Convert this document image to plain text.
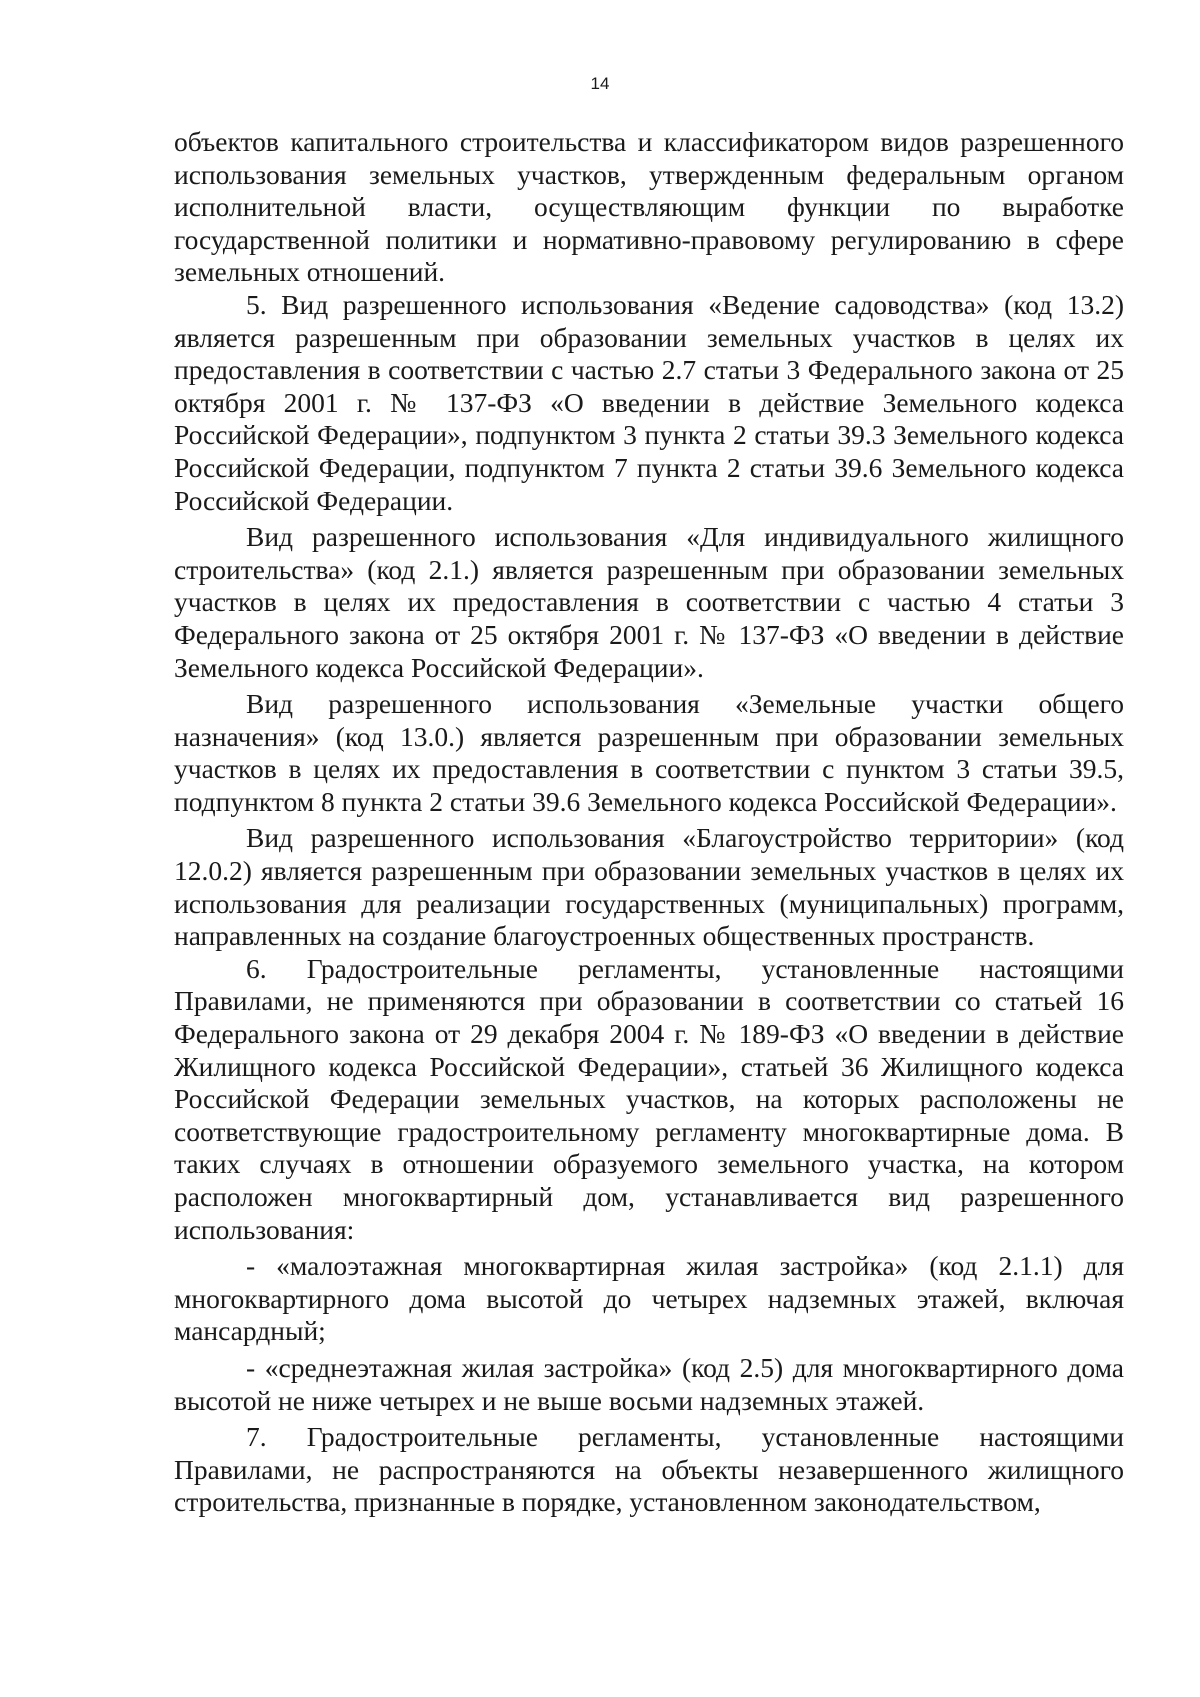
14

объектов капитального строительства и классификатором видов разрешенного использования земельных участков, утвержденным федеральным органом исполнительной власти, осуществляющим функции по выработке государственной политики и нормативно-правовому регулированию в сфере земельных отношений.

5. Вид разрешенного использования «Ведение садоводства» (код 13.2) является разрешенным при образовании земельных участков в целях их предоставления в соответствии с частью 2.7 статьи 3 Федерального закона от 25 октября 2001 г. № 137-ФЗ «О введении в действие Земельного кодекса Российской Федерации», подпунктом 3 пункта 2 статьи 39.3 Земельного кодекса Российской Федерации, подпунктом 7 пункта 2 статьи 39.6 Земельного кодекса Российской Федерации.

Вид разрешенного использования «Для индивидуального жилищного строительства» (код 2.1.) является разрешенным при образовании земельных участков в целях их предоставления в соответствии с частью 4 статьи 3 Федерального закона от 25 октября 2001 г. № 137-ФЗ «О введении в действие Земельного кодекса Российской Федерации».

Вид разрешенного использования «Земельные участки общего назначения» (код 13.0.) является разрешенным при образовании земельных участков в целях их предоставления в соответствии с пунктом 3 статьи 39.5, подпунктом 8 пункта 2 статьи 39.6 Земельного кодекса Российской Федерации».

Вид разрешенного использования «Благоустройство территории» (код 12.0.2) является разрешенным при образовании земельных участков в целях их использования для реализации государственных (муниципальных) программ, направленных на создание благоустроенных общественных пространств.

6. Градостроительные регламенты, установленные настоящими Правилами, не применяются при образовании в соответствии со статьей 16 Федерального закона от 29 декабря 2004 г. № 189-ФЗ «О введении в действие Жилищного кодекса Российской Федерации», статьей 36 Жилищного кодекса Российской Федерации земельных участков, на которых расположены не соответствующие градостроительному регламенту многоквартирные дома. В таких случаях в отношении образуемого земельного участка, на котором расположен многоквартирный дом, устанавливается вид разрешенного использования:

- «малоэтажная многоквартирная жилая застройка» (код 2.1.1) для многоквартирного дома высотой до четырех надземных этажей, включая мансардный;

- «среднеэтажная жилая застройка» (код 2.5) для многоквартирного дома высотой не ниже четырех и не выше восьми надземных этажей.

7. Градостроительные регламенты, установленные настоящими Правилами, не распространяются на объекты незавершенного жилищного строительства, признанные в порядке, установленном законодательством,
